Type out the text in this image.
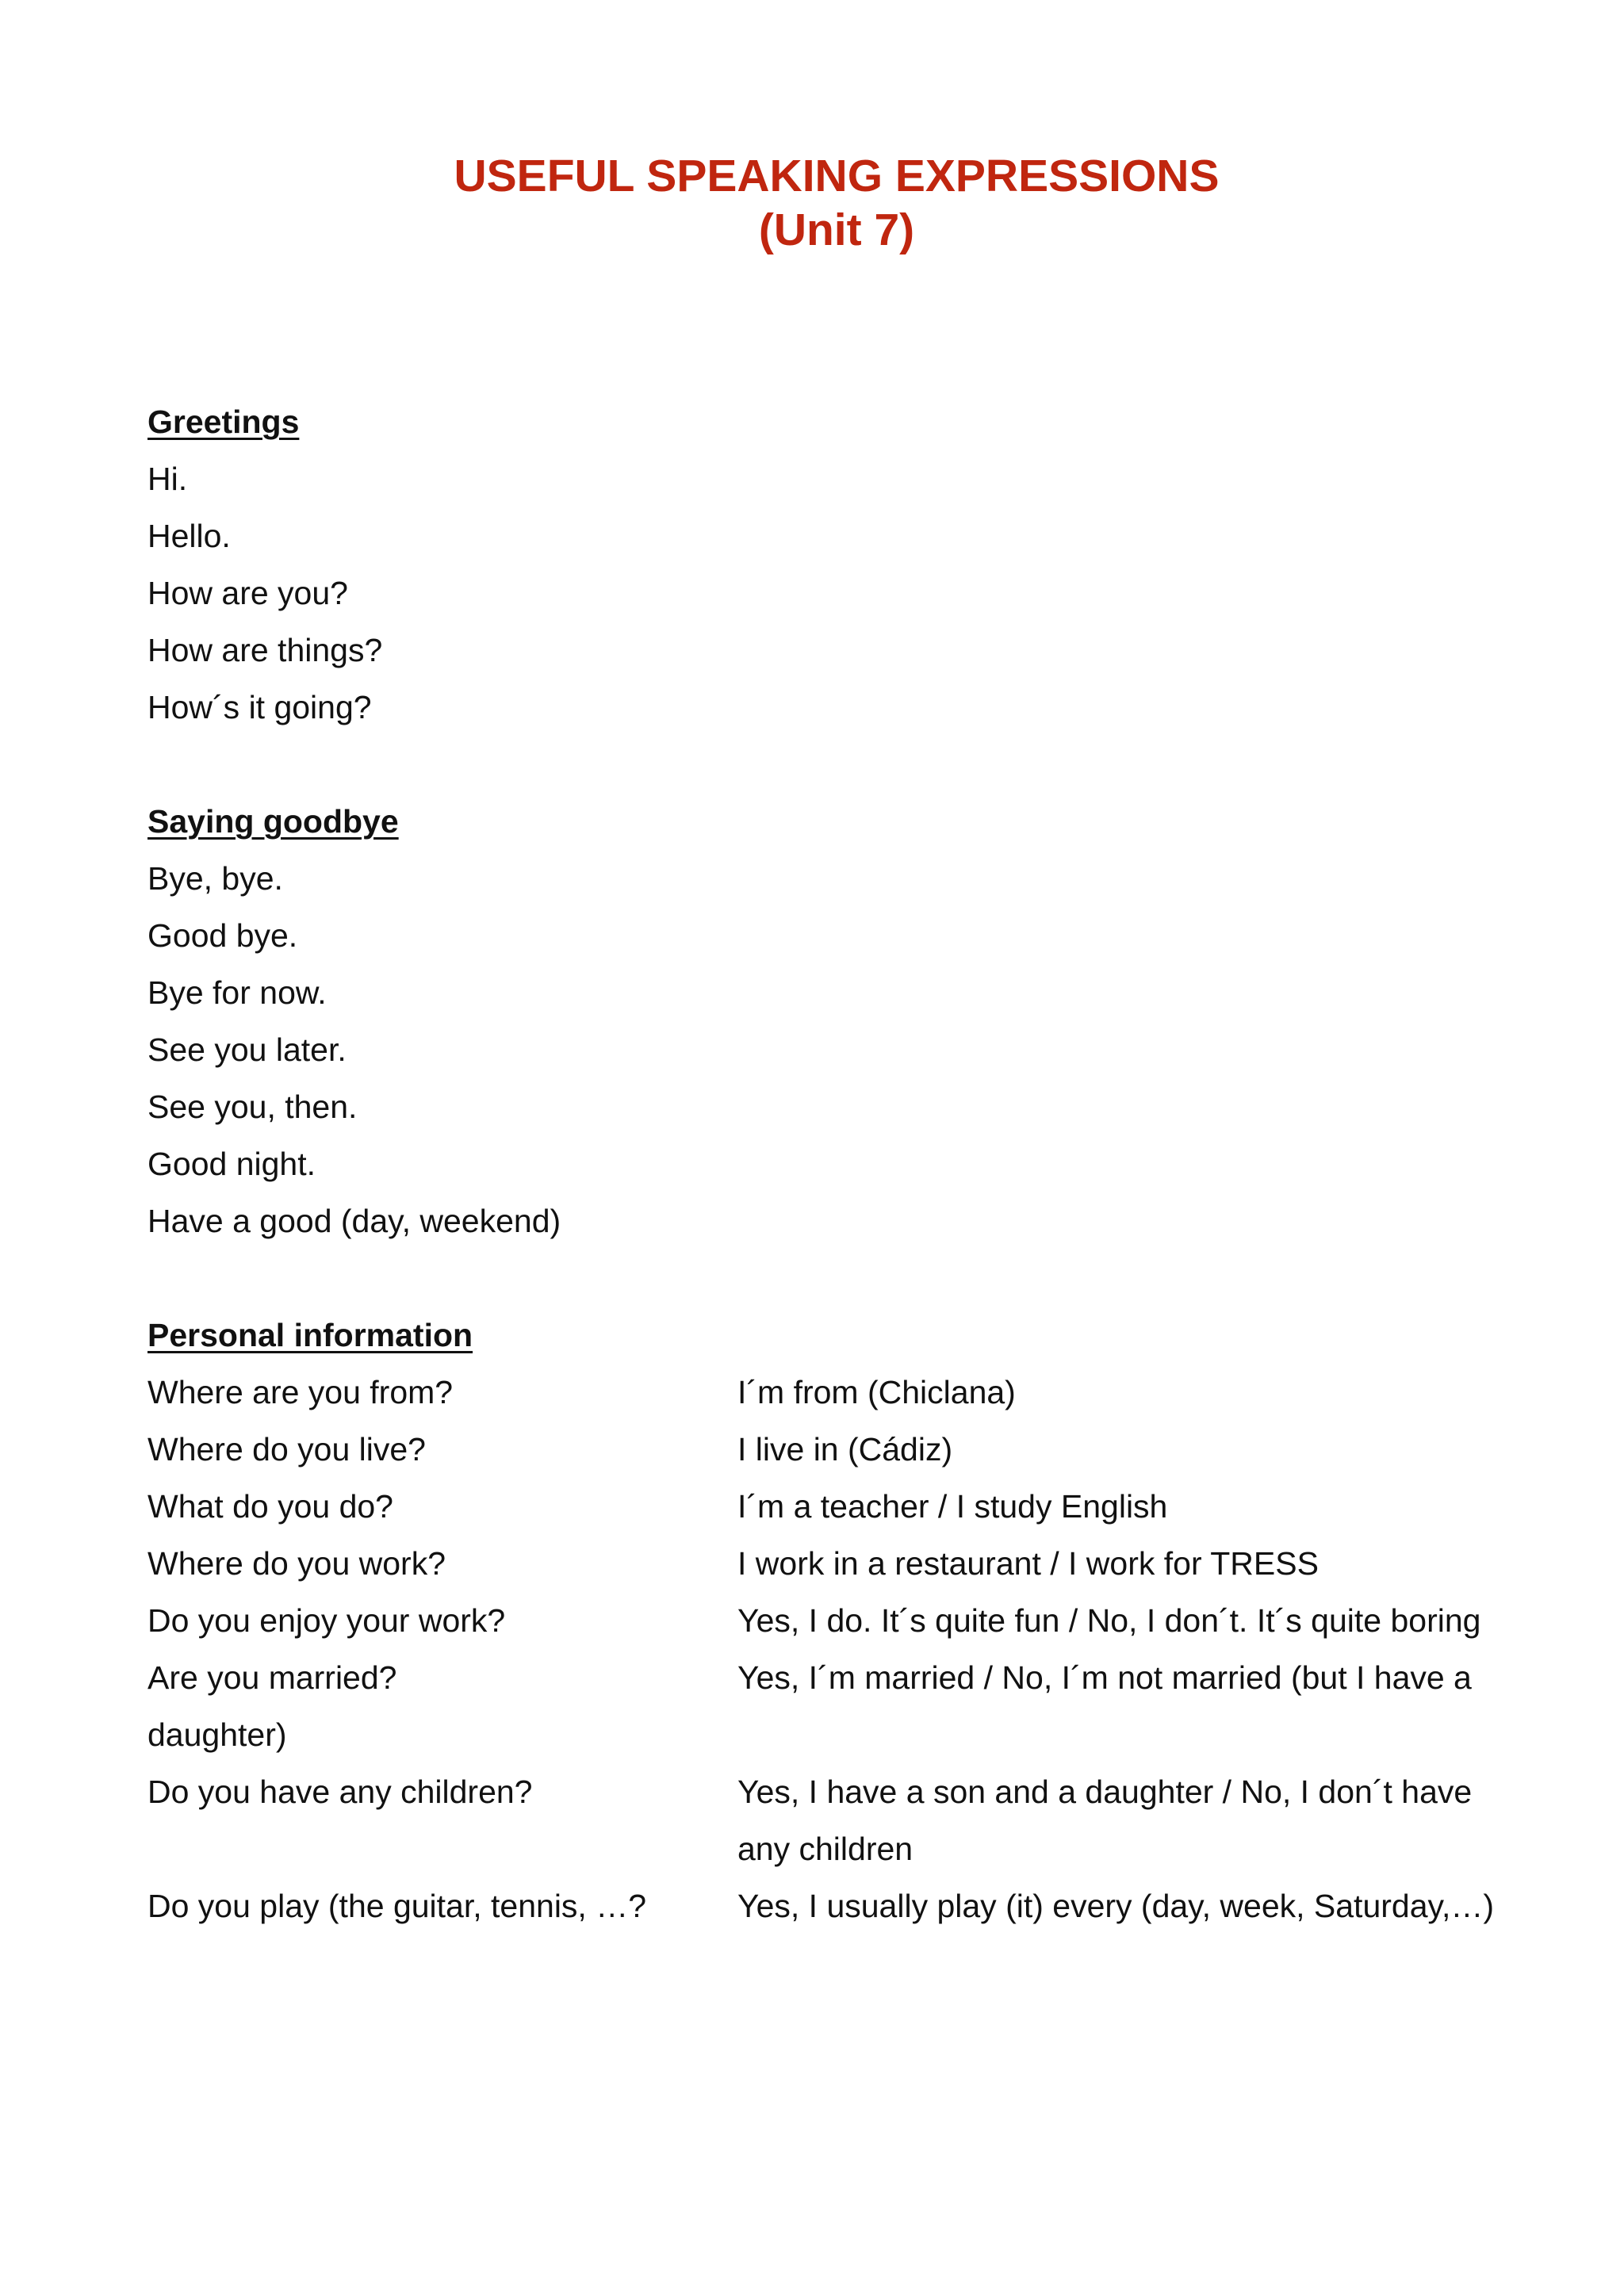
USEFUL SPEAKING EXPRESSIONS
(Unit 7)
Greetings
Hi.
Hello.
How are you?
How are things?
How´s it going?
Saying goodbye
Bye, bye.
Good bye.
Bye for now.
See you later.
See you, then.
Good night.
Have a good (day, weekend)
Personal information
Where are you from?	I´m from (Chiclana)
Where do you live?	I live in (Cádiz)
What do you do?	I´m a teacher / I study English
Where do you work?	I work in a restaurant / I work for TRESS
Do you enjoy your work?	Yes, I do. It´s quite fun / No, I don´t. It´s quite boring
Are you married?	Yes, I´m married / No, I´m not married (but I have a
daughter)
Do you have any children?	Yes, I have a son and a daughter / No, I don´t have
any children
Do you play (the guitar, tennis, …?	Yes, I usually play (it) every (day, week, Saturday,…)
